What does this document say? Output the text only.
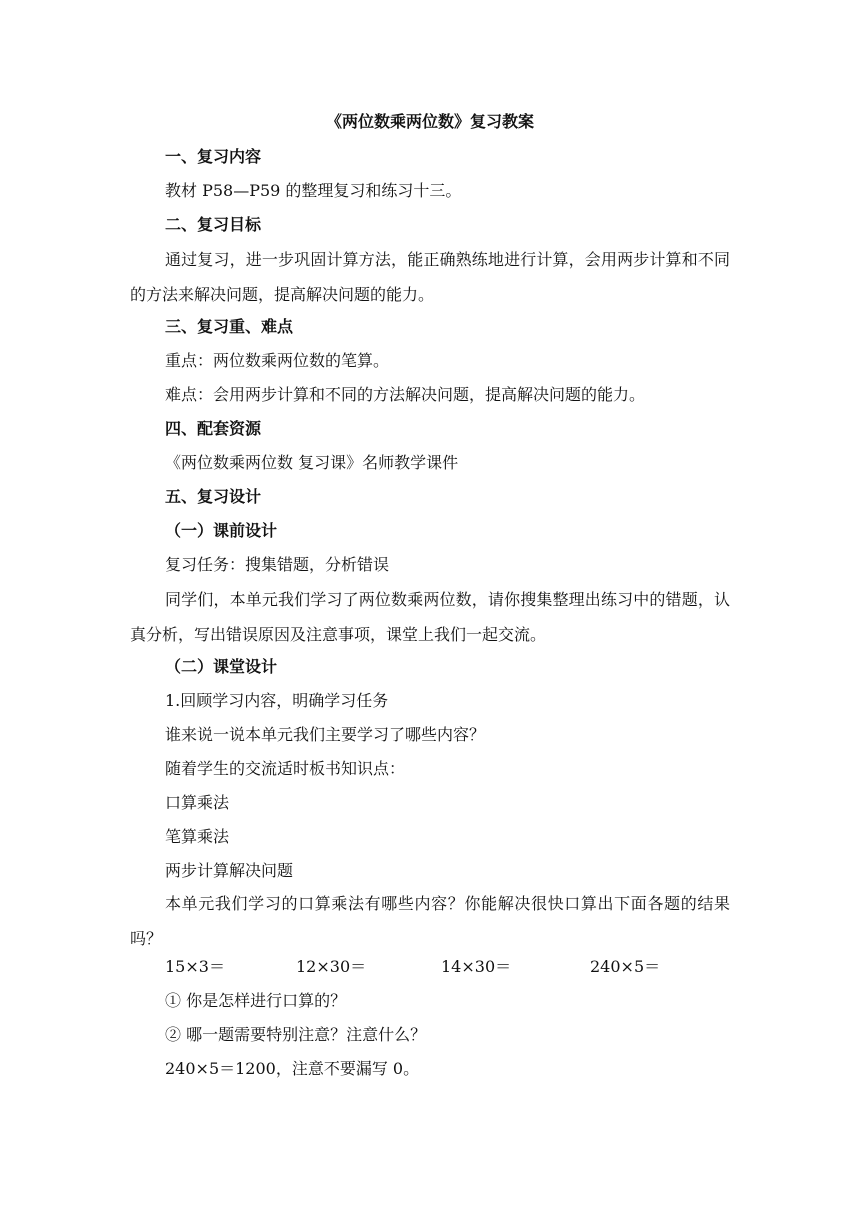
《两位数乘两位数》复习教案
一、复习内容
教材 P58—P59 的整理复习和练习十三。
二、复习目标
通过复习，进一步巩固计算方法，能正确熟练地进行计算，会用两步计算和不同的方法来解决问题，提高解决问题的能力。
三、复习重、难点
重点：两位数乘两位数的笔算。
难点：会用两步计算和不同的方法解决问题，提高解决问题的能力。
四、配套资源
《两位数乘两位数 复习课》名师教学课件
五、复习设计
（一）课前设计
复习任务：搜集错题，分析错误
同学们，本单元我们学习了两位数乘两位数，请你搜集整理出练习中的错题，认真分析，写出错误原因及注意事项，课堂上我们一起交流。
（二）课堂设计
1.回顾学习内容，明确学习任务
谁来说一说本单元我们主要学习了哪些内容？
随着学生的交流适时板书知识点：
口算乘法
笔算乘法
两步计算解决问题
本单元我们学习的口算乘法有哪些内容？你能解决很快口算出下面各题的结果吗？
15×3＝	12×30＝	14×30＝	240×5＝
① 你是怎样进行口算的？
② 哪一题需要特别注意？注意什么？
240×5＝1200，注意不要漏写 0。
